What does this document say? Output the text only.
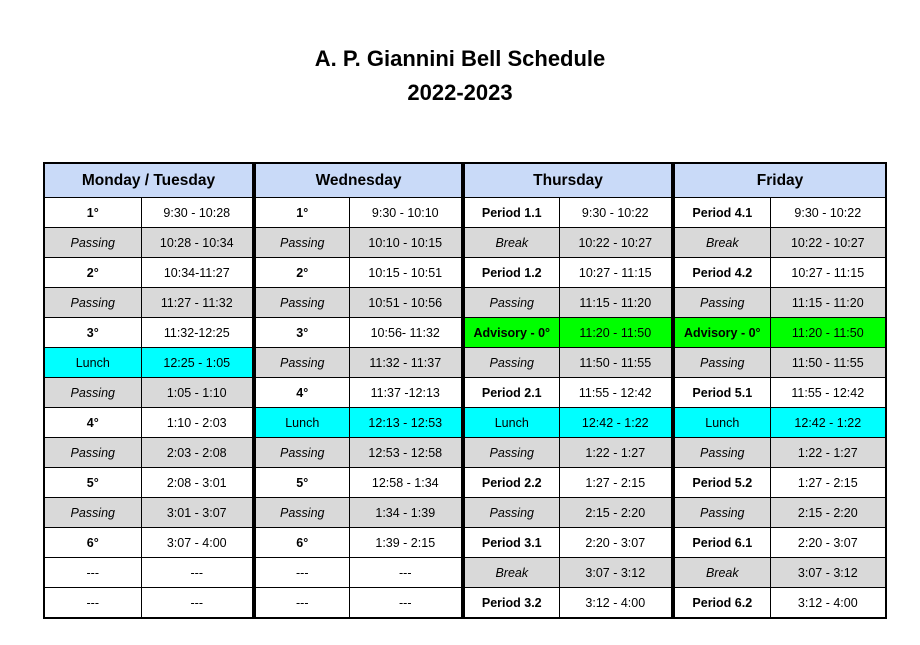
A. P. Giannini Bell Schedule
2022-2023
Monday / Tuesday		Wednesday		Thursday		Friday	
1°	9:30 - 10:28	1°	9:30 - 10:10	Period 1.1	9:30 - 10:22	Period 4.1	9:30 - 10:22
Passing	10:28 - 10:34	Passing	10:10 - 10:15	Break	10:22 - 10:27	Break	10:22 - 10:27
2°	10:34-11:27	2°	10:15 - 10:51	Period 1.2	10:27 - 11:15	Period 4.2	10:27 - 11:15
Passing	11:27 - 11:32	Passing	10:51 - 10:56	Passing	11:15 - 11:20	Passing	11:15 - 11:20
3°	11:32-12:25	3°	10:56- 11:32	Advisory - 0°	11:20 - 11:50	Advisory - 0°	11:20 - 11:50
Lunch	12:25 - 1:05	Passing	11:32 - 11:37	Passing	11:50 - 11:55	Passing	11:50 - 11:55
Passing	1:05 - 1:10	4°	11:37 -12:13	Period 2.1	11:55 - 12:42	Period 5.1	11:55 - 12:42
4°	1:10 - 2:03	Lunch	12:13 - 12:53	Lunch	12:42 - 1:22	Lunch	12:42 - 1:22
Passing	2:03 - 2:08	Passing	12:53 - 12:58	Passing	1:22 - 1:27	Passing	1:22 - 1:27
5°	2:08 - 3:01	5°	12:58 - 1:34	Period 2.2	1:27 - 2:15	Period 5.2	1:27 - 2:15
Passing	3:01 - 3:07	Passing	1:34 - 1:39	Passing	2:15 - 2:20	Passing	2:15 - 2:20
6°	3:07 - 4:00	6°	1:39 - 2:15	Period 3.1	2:20 - 3:07	Period 6.1	2:20 - 3:07
---	---	---	---	Break	3:07 - 3:12	Break	3:07 - 3:12
---	---	---	---	Period 3.2	3:12 - 4:00	Period 6.2	3:12 - 4:00
